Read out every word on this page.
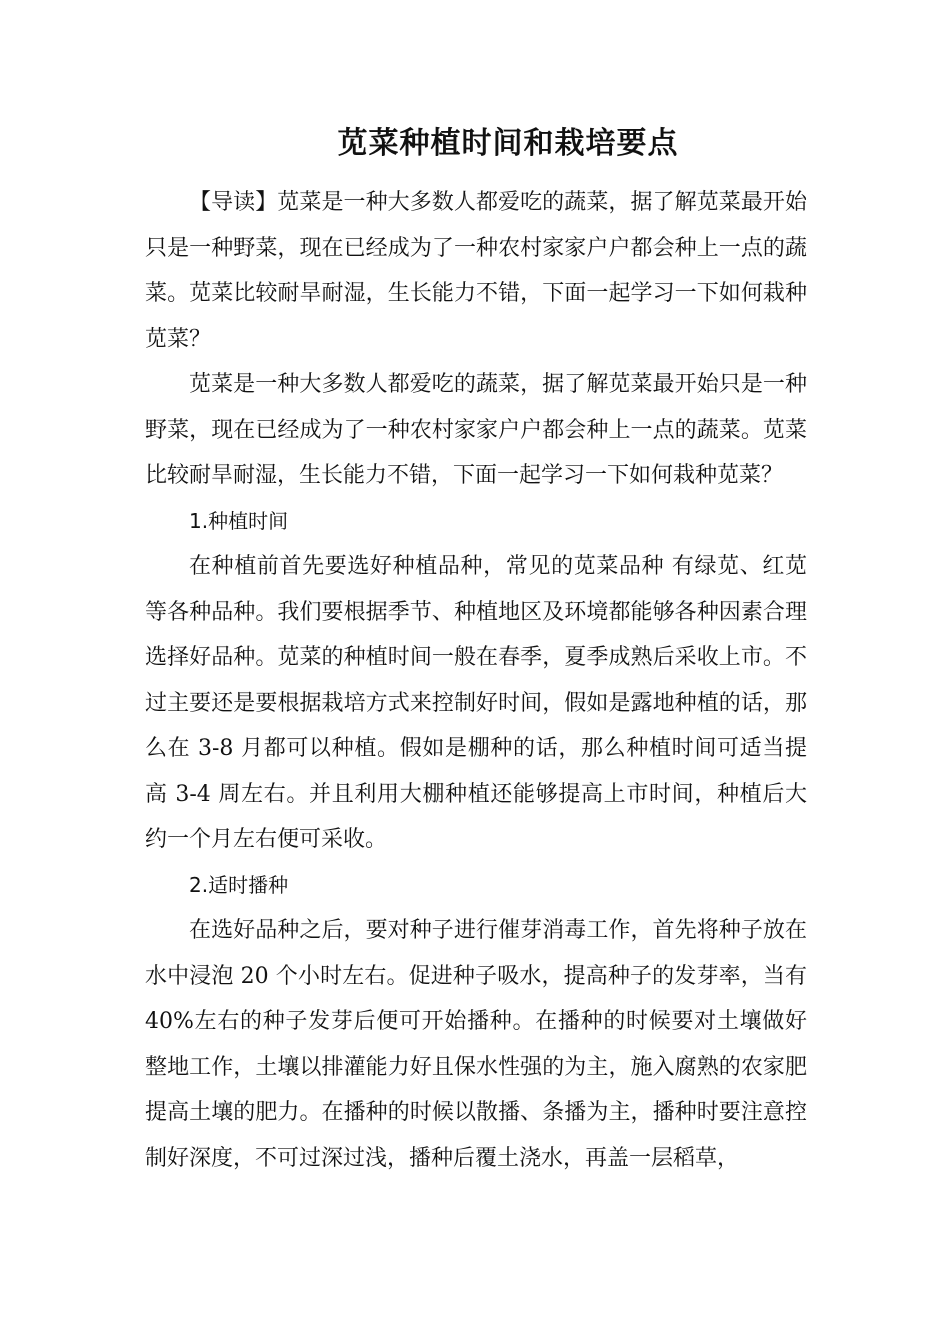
苋菜种植时间和栽培要点

【导读】苋菜是一种大多数人都爱吃的蔬菜，据了解苋菜最开始只是一种野菜，现在已经成为了一种农村家家户户都会种上一点的蔬菜。苋菜比较耐旱耐湿，生长能力不错，下面一起学习一下如何栽种苋菜？

苋菜是一种大多数人都爱吃的蔬菜，据了解苋菜最开始只是一种野菜，现在已经成为了一种农村家家户户都会种上一点的蔬菜。苋菜比较耐旱耐湿，生长能力不错，下面一起学习一下如何栽种苋菜？

1.种植时间

在种植前首先要选好种植品种，常见的苋菜品种 有绿苋、红苋等各种品种。我们要根据季节、种植地区及环境都能够各种因素合理选择好品种。苋菜的种植时间一般在春季，夏季成熟后采收上市。不过主要还是要根据栽培方式来控制好时间，假如是露地种植的话，那么在 3-8 月都可以种植。假如是棚种的话，那么种植时间可适当提高 3-4 周左右。并且利用大棚种植还能够提高上市时间，种植后大约一个月左右便可采收。

2.适时播种

在选好品种之后，要对种子进行催芽消毒工作，首先将种子放在水中浸泡 20 个小时左右。促进种子吸水，提高种子的发芽率，当有 40%左右的种子发芽后便可开始播种。在播种的时候要对土壤做好整地工作，土壤以排灌能力好且保水性强的为主，施入腐熟的农家肥提高土壤的肥力。在播种的时候以散播、条播为主，播种时要注意控制好深度，不可过深过浅，播种后覆土浇水，再盖一层稻草，
